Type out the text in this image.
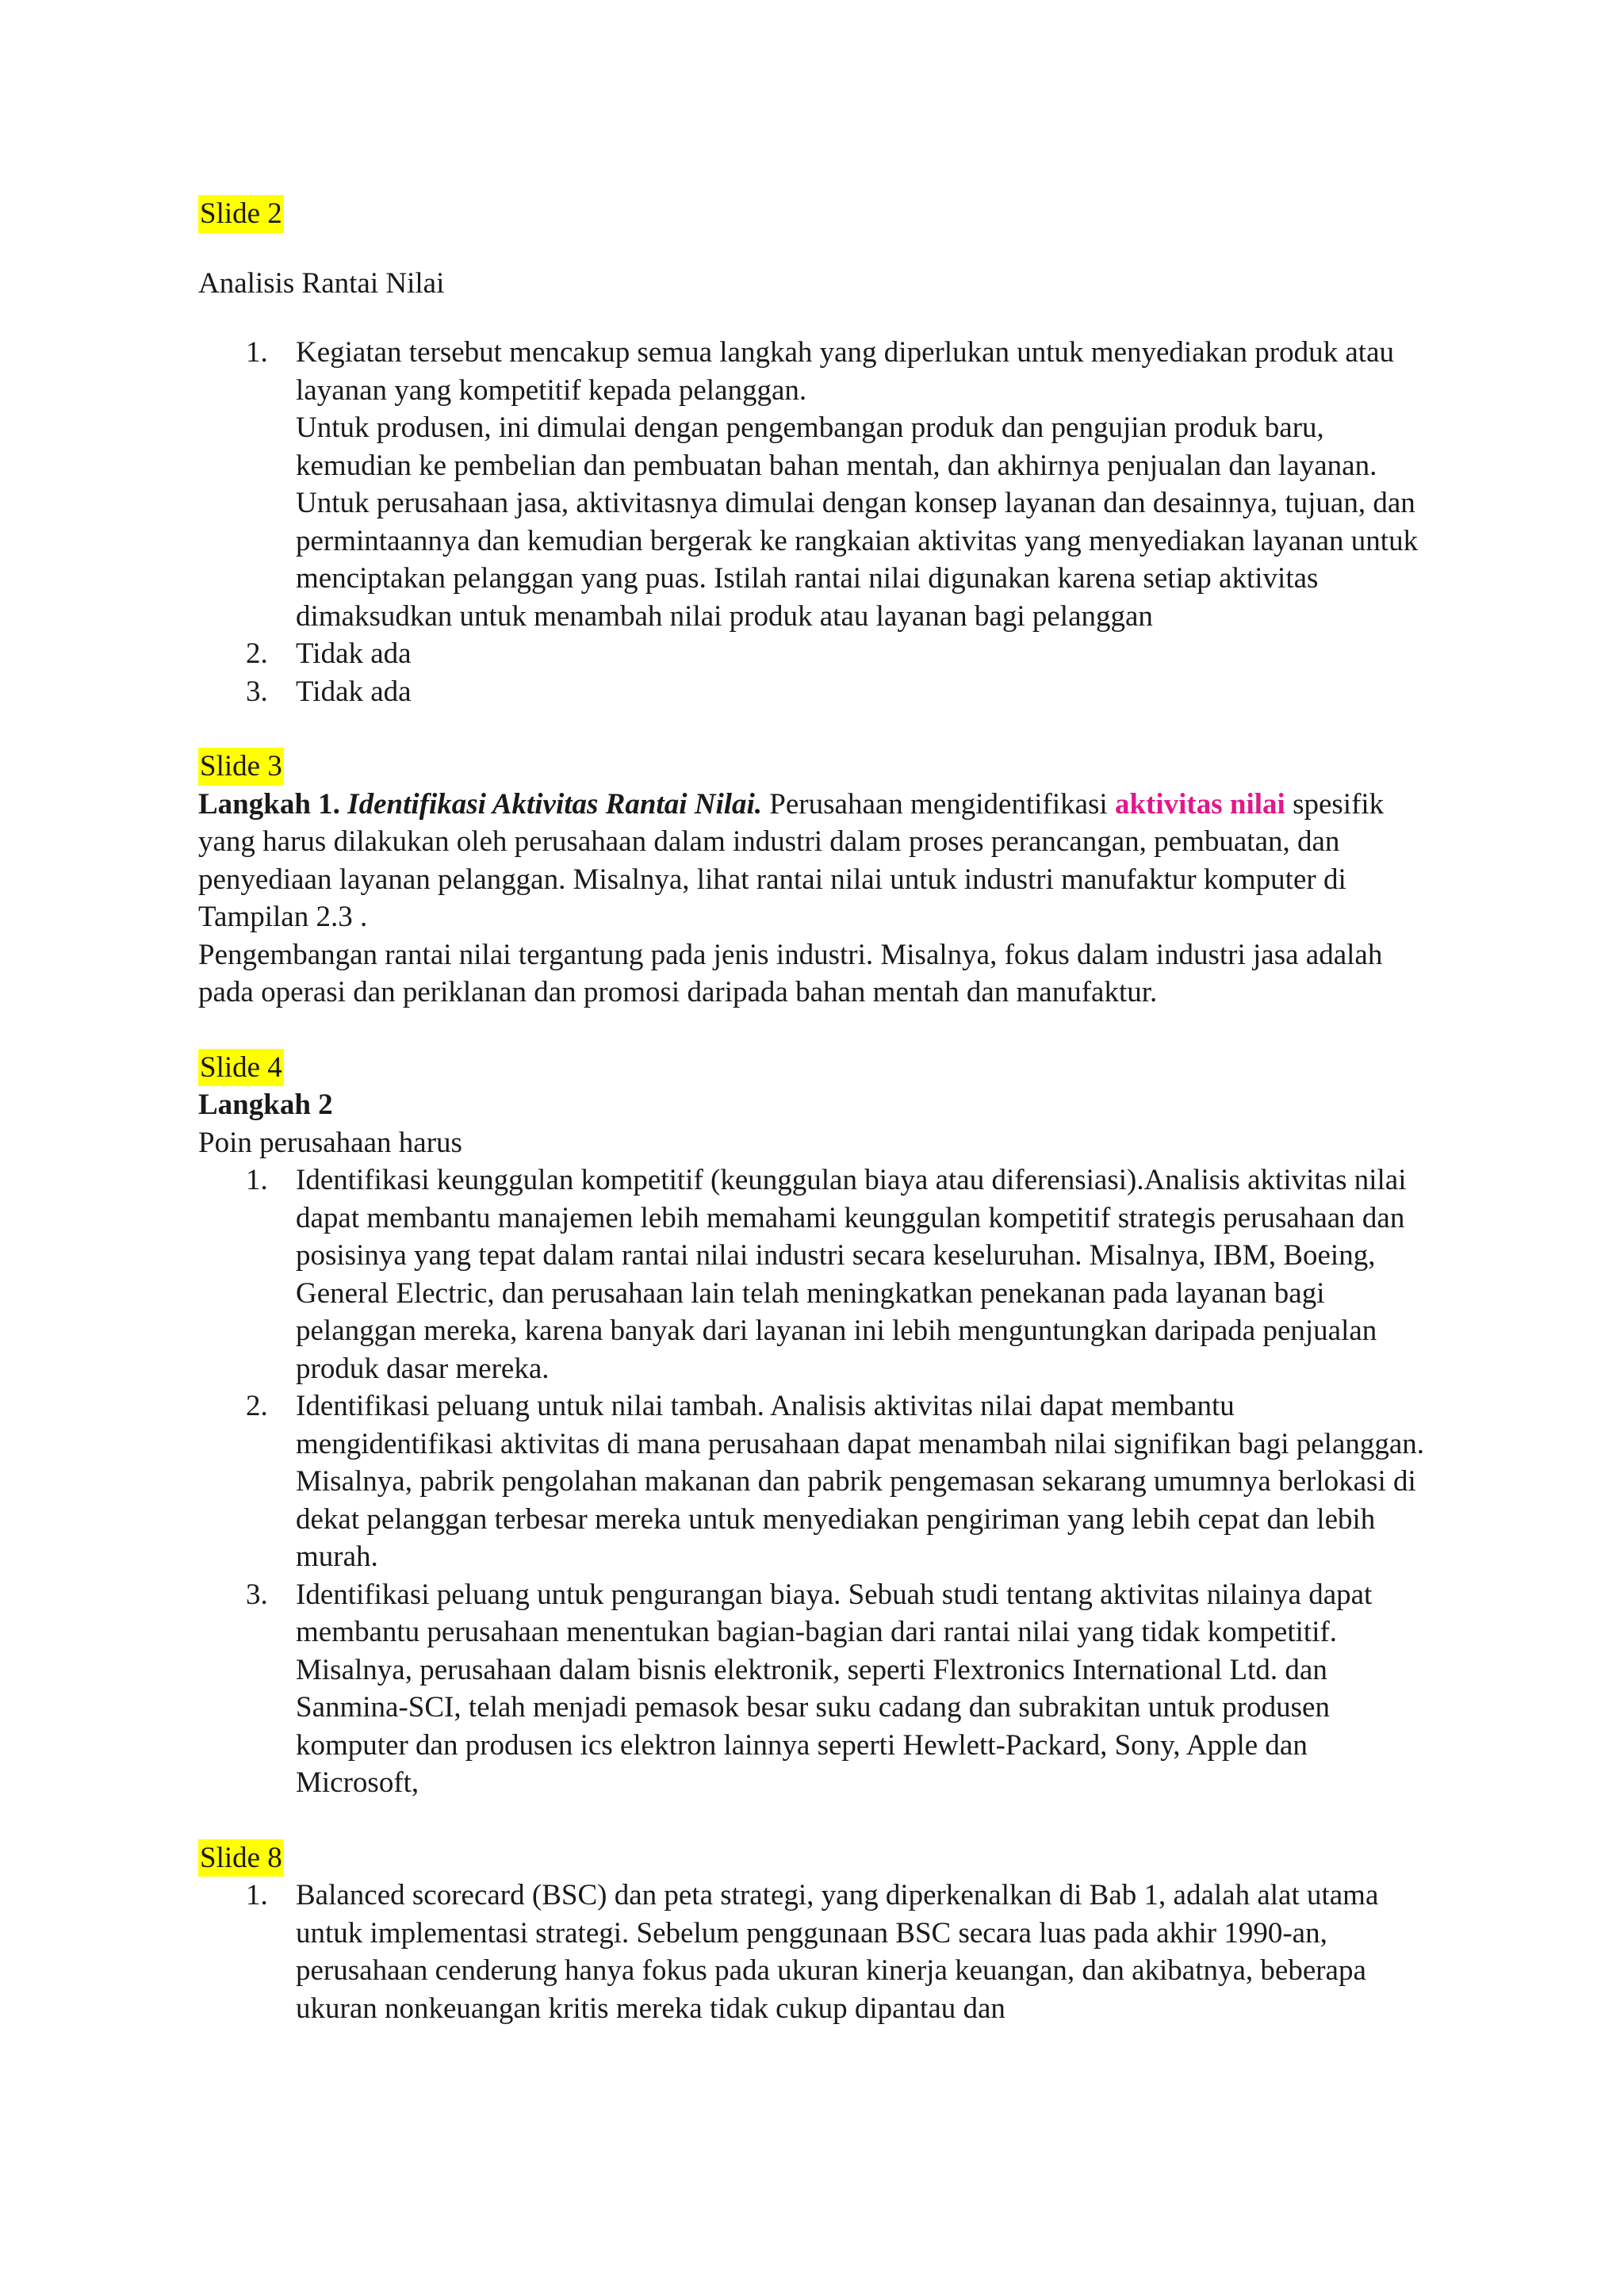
Slide 2

Analisis Rantai Nilai

1. Kegiatan tersebut mencakup semua langkah yang diperlukan untuk menyediakan produk atau layanan yang kompetitif kepada pelanggan.
Untuk produsen, ini dimulai dengan pengembangan produk dan pengujian produk baru, kemudian ke pembelian dan pembuatan bahan mentah, dan akhirnya penjualan dan layanan. Untuk perusahaan jasa, aktivitasnya dimulai dengan konsep layanan dan desainnya, tujuan, dan permintaannya dan kemudian bergerak ke rangkaian aktivitas yang menyediakan layanan untuk menciptakan pelanggan yang puas. Istilah rantai nilai digunakan karena setiap aktivitas dimaksudkan untuk menambah nilai produk atau layanan bagi pelanggan
2. Tidak ada
3. Tidak ada

Slide 3

Langkah 1. Identifikasi Aktivitas Rantai Nilai. Perusahaan mengidentifikasi aktivitas nilai spesifik yang harus dilakukan oleh perusahaan dalam industri dalam proses perancangan, pembuatan, dan penyediaan layanan pelanggan. Misalnya, lihat rantai nilai untuk industri manufaktur komputer di Tampilan 2.3 .

Pengembangan rantai nilai tergantung pada jenis industri. Misalnya, fokus dalam industri jasa adalah pada operasi dan periklanan dan promosi daripada bahan mentah dan manufaktur.

Slide 4

Langkah 2

Poin perusahaan harus

1. Identifikasi keunggulan kompetitif (keunggulan biaya atau diferensiasi).Analisis aktivitas nilai dapat membantu manajemen lebih memahami keunggulan kompetitif strategis perusahaan dan posisinya yang tepat dalam rantai nilai industri secara keseluruhan. Misalnya, IBM, Boeing, General Electric, dan perusahaan lain telah meningkatkan penekanan pada layanan bagi pelanggan mereka, karena banyak dari layanan ini lebih menguntungkan daripada penjualan produk dasar mereka.
2. Identifikasi peluang untuk nilai tambah. Analisis aktivitas nilai dapat membantu mengidentifikasi aktivitas di mana perusahaan dapat menambah nilai signifikan bagi pelanggan. Misalnya, pabrik pengolahan makanan dan pabrik pengemasan sekarang umumnya berlokasi di dekat pelanggan terbesar mereka untuk menyediakan pengiriman yang lebih cepat dan lebih murah.
3. Identifikasi peluang untuk pengurangan biaya. Sebuah studi tentang aktivitas nilainya dapat membantu perusahaan menentukan bagian-bagian dari rantai nilai yang tidak kompetitif. Misalnya, perusahaan dalam bisnis elektronik, seperti Flextronics International Ltd. dan Sanmina-SCI, telah menjadi pemasok besar suku cadang dan subrakitan untuk produsen komputer dan produsen ics elektron lainnya seperti Hewlett-Packard, Sony, Apple dan Microsoft,

Slide 8

1. Balanced scorecard (BSC) dan peta strategi, yang diperkenalkan di Bab 1, adalah alat utama untuk implementasi strategi. Sebelum penggunaan BSC secara luas pada akhir 1990-an, perusahaan cenderung hanya fokus pada ukuran kinerja keuangan, dan akibatnya, beberapa ukuran nonkeuangan kritis mereka tidak cukup dipantau dan
